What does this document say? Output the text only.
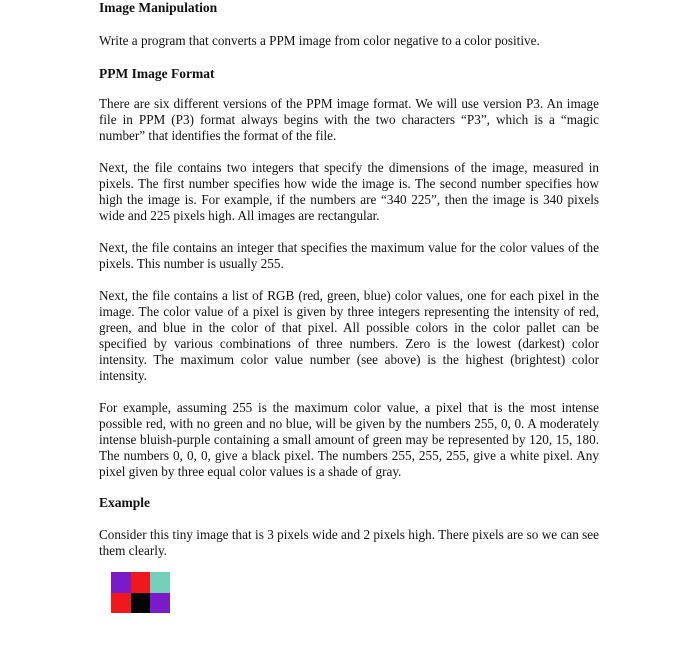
Image Manipulation

Write a program that converts a PPM image from color negative to a color positive.

PPM Image Format

There are six different versions of the PPM image format. We will use version P3. An image file in PPM (P3) format always begins with the two characters “P3”, which is a “magic number” that identifies the format of the file.

Next, the file contains two integers that specify the dimensions of the image, measured in pixels. The first number specifies how wide the image is. The second number specifies how high the image is. For example, if the numbers are “340 225”, then the image is 340 pixels wide and 225 pixels high. All images are rectangular.

Next, the file contains an integer that specifies the maximum value for the color values of the pixels. This number is usually 255.

Next, the file contains a list of RGB (red, green, blue) color values, one for each pixel in the image. The color value of a pixel is given by three integers representing the intensity of red, green, and blue in the color of that pixel. All possible colors in the color pallet can be specified by various combinations of three numbers. Zero is the lowest (darkest) color intensity. The maximum color value number (see above) is the highest (brightest) color intensity.

For example, assuming 255 is the maximum color value, a pixel that is the most intense possible red, with no green and no blue, will be given by the numbers 255, 0, 0. A moderately intense bluish-purple containing a small amount of green may be represented by 120, 15, 180. The numbers 0, 0, 0, give a black pixel. The numbers 255, 255, 255, give a white pixel. Any pixel given by three equal color values is a shade of gray.

Example

Consider this tiny image that is 3 pixels wide and 2 pixels high. There pixels are so we can see them clearly.
